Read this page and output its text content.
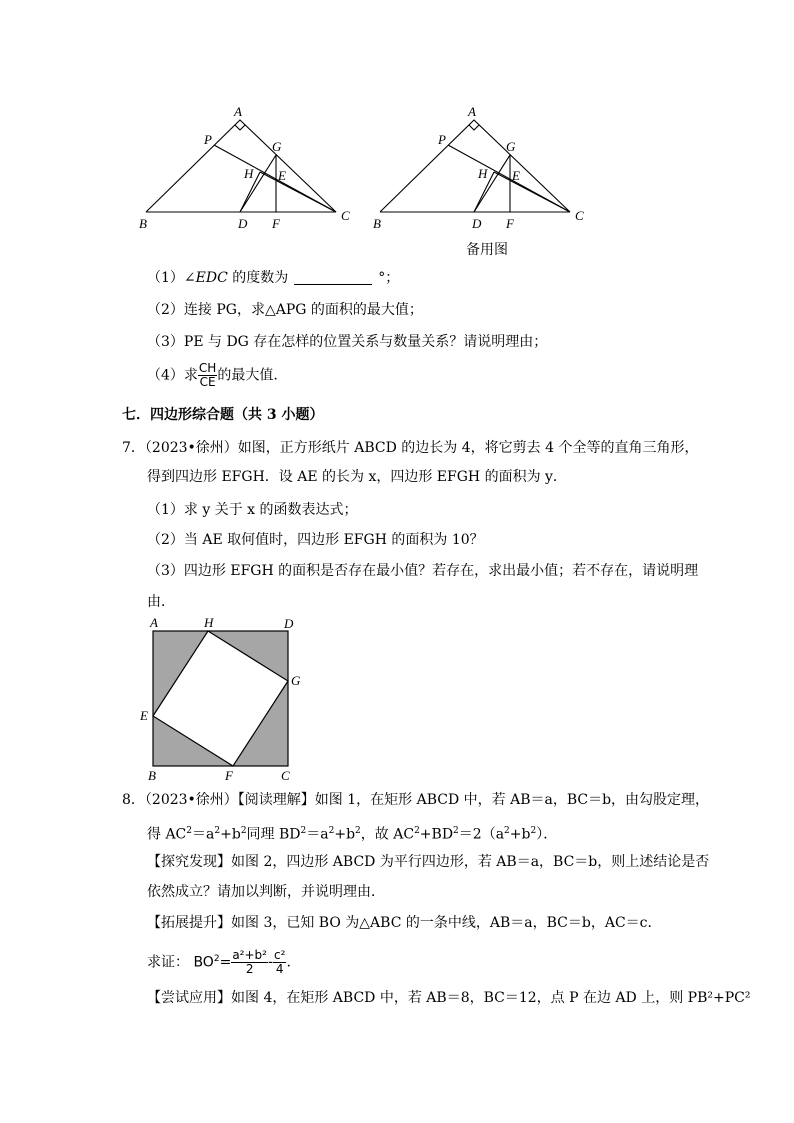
A
P	G
H E
B	D F
C
A
P	G
H E
B	D F
C
备用图
（1）∠EDC 的度数为	°；
（2）连接 PG，求△APG 的面积的最大值；
（3）PE 与 DG 存在怎样的位置关系与数量关系？请说明理由；
（4）求 $\frac{CH}{CE}$ 的最大值.
七．四边形综合题（共 3 小题）
7．（2023•徐州）如图，正方形纸片 ABCD 的边长为 4，将它剪去 4 个全等的直角三角形，
得到四边形 EFGH．设 AE 的长为 x，四边形 EFGH 的面积为 y．
（1）求 y 关于 x 的函数表达式；
（2）当 AE 取何值时，四边形 EFGH 的面积为 10？
（3）四边形 EFGH 的面积是否存在最小值？若存在，求出最小值；若不存在，请说明理
由．
A	H	D
G
E
B	F	C
8．（2023•徐州）【阅读理解】如图 1，在矩形 ABCD 中，若 AB＝a，BC＝b，由勾股定理，
得 $AC^2=a^2+b^2$同理 $BD^2=a^2+b^2$，故 $AC^2+BD^2=2(a^2+b^2)$．
【探究发现】如图 2，四边形 ABCD 为平行四边形，若 AB＝a，BC＝b，则上述结论是否
依然成立？请加以判断，并说明理由．
【拓展提升】如图 3，已知 BO 为△ABC 的一条中线，AB＝a，BC＝b，AC＝c．
求证： $BO^2= \frac{\text{a²+b²}}{2} - \frac{\text{c²}}{4}$ .
【尝试应用】如图 4，在矩形 ABCD 中，若 AB＝8，BC＝12，点 P 在边 AD 上，则 PB²+PC²
